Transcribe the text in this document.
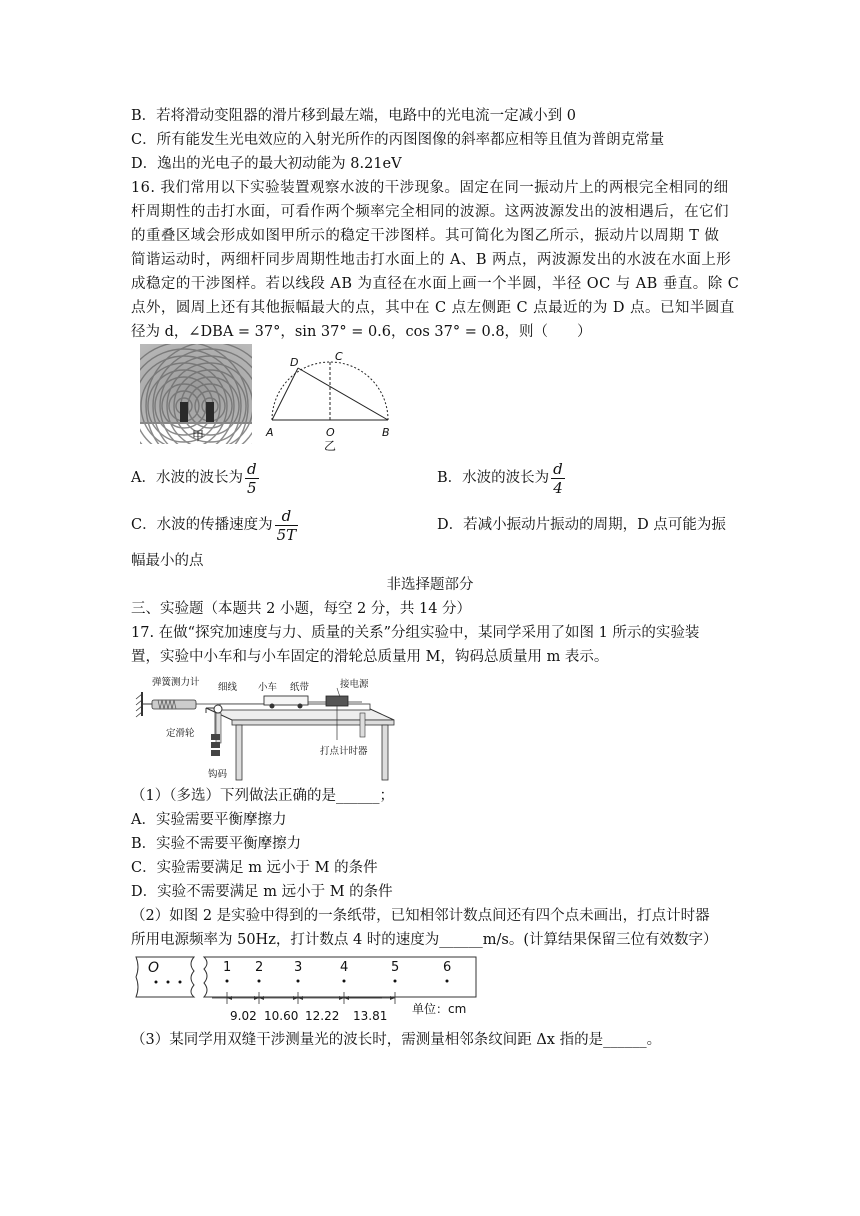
B．若将滑动变阻器的滑片移到最左端，电路中的光电流一定减小到 0
C．所有能发生光电效应的入射光所作的丙图图像的斜率都应相等且值为普朗克常量
D．逸出的光电子的最大初动能为 8.21eV
16. 我们常用以下实验装置观察水波的干涉现象。固定在同一振动片上的两根完全相同的细
杆周期性的击打水面，可看作两个频率完全相同的波源。这两波源发出的波相遇后，在它们
的重叠区域会形成如图甲所示的稳定干涉图样。其可简化为图乙所示，振动片以周期 T 做
简谐运动时，两细杆同步周期性地击打水面上的 A、B 两点，两波源发出的水波在水面上形
成稳定的干涉图样。若以线段 AB 为直径在水面上画一个半圆，半径 OC 与 AB 垂直。除 C
点外，圆周上还有其他振幅最大的点，其中在 C 点左侧距 C 点最近的为 D 点。已知半圆直
径为 d，∠DBA = 37°，sin 37° = 0.6，cos 37° = 0.8，则（　　）
甲
D	C
A	O	B
乙
A．水波的波长为 $\frac{d}{5}$	B．水波的波长为 $\frac{d}{4}$
C．水波的传播速度为 $\frac{d}{5T}$	D．若减小振动片振动的周期，D 点可能为振
幅最小的点
非选择题部分
三、实验题（本题共 2 小题，每空 2 分，共 14 分）
17. 在做“探究加速度与力、质量的关系”分组实验中，某同学采用了如图 1 所示的实验装
置，实验中小车和与小车固定的滑轮总质量用 M，钩码总质量用 m 表示。
弹簧测力计 细线 小车 纸带	接电源
定滑轮
打点计时器
钩码
（1）（多选）下列做法正确的是______；
A．实验需要平衡摩擦力
B．实验不需要平衡摩擦力
C．实验需要满足 m 远小于 M 的条件
D．实验不需要满足 m 远小于 M 的条件
（2）如图 2 是实验中得到的一条纸带，已知相邻计数点间还有四个点未画出，打点计时器
所用电源频率为 50Hz，打计数点 4 时的速度为______m/s。(计算结果保留三位有效数字）
O	1 2 3	4	5	6
9.02 10.60 12.22 13.81 单位：cm
（3）某同学用双缝干涉测量光的波长时，需测量相邻条纹间距 Δx 指的是______。
